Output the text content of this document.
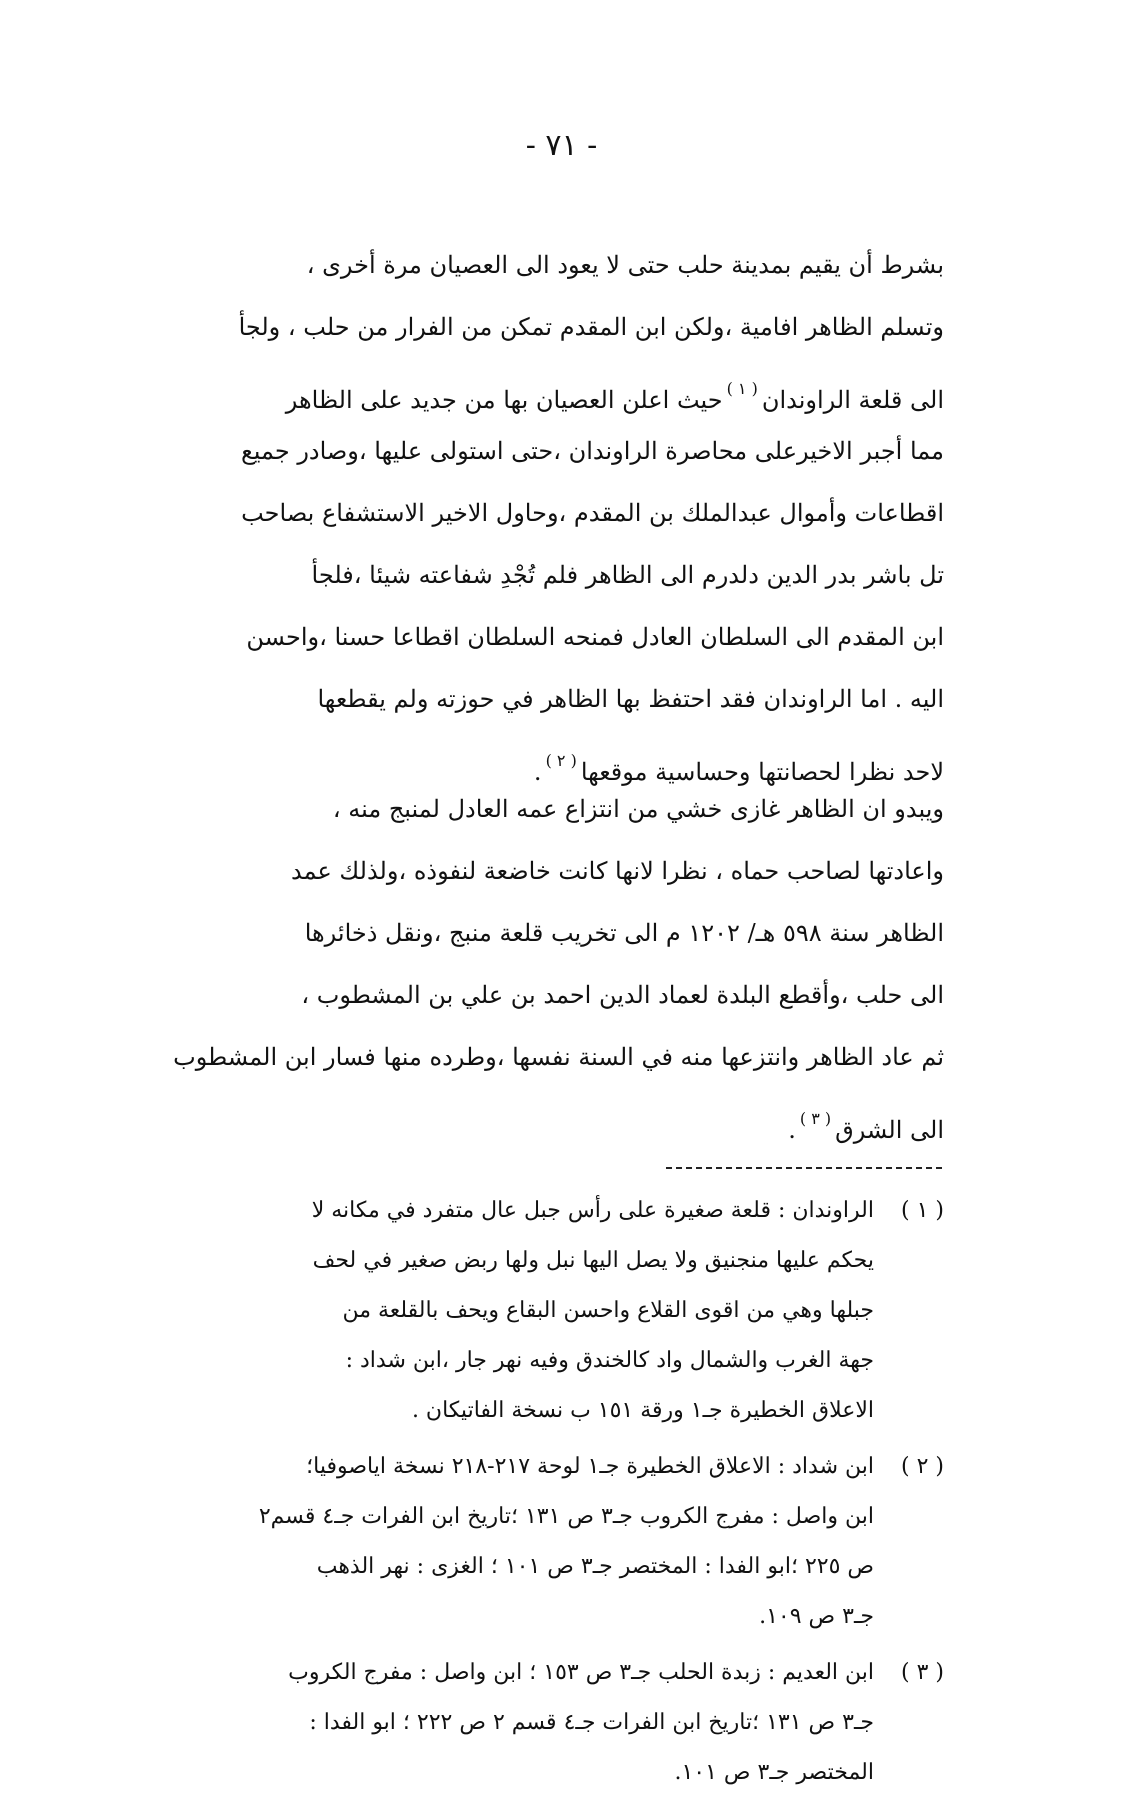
- ٧١ -
بشرط أن يقيم بمدينة حلب حتى لا يعود الى العصيان مرة أخرى ،
وتسلم الظاهر افامية ،ولكن ابن المقدم تمكن من الفرار من حلب ، ولجأ
الى قلعة الراوندان$^{( ١ )}$حيث اعلن العصيان بها من جديد على الظاهر
مما أجبر الاخيرعلى محاصرة الراوندان ،حتى استولى عليها ،وصادر جميع
اقطاعات وأموال عبدالملك بن المقدم ،وحاول الاخير الاستشفاع بصاحب
تل باشر بدر الدين دلدرم الى الظاهر فلم تُجْدِ شفاعته شيئا ،فلجأ
ابن المقدم الى السلطان العادل فمنحه السلطان اقطاعا حسنا ،واحسن
اليه . اما الراوندان فقد احتفظ بها الظاهر في حوزته ولم يقطعها
لاحد نظرا لحصانتها وحساسية موقعها$^{( ٢ )}$.
ويبدو ان الظاهر غازى خشي من انتزاع عمه العادل لمنبج منه ،
واعادتها لصاحب حماه ، نظرا لانها كانت خاضعة لنفوذه ،ولذلك عمد
الظاهر سنة ٥٩٨ هـ/ ١٢٠٢ م الى تخريب قلعة منبج ،ونقل ذخائرها
الى حلب ،وأقطع البلدة لعماد الدين احمد بن علي بن المشطوب ،
ثم عاد الظاهر وانتزعها منه في السنة نفسها ،وطرده منها فسار ابن المشطوب
الى الشرق$^{( ٣ )}$.
( ١ )
الراوندان : قلعة صغيرة على رأس جبل عال متفرد في مكانه لا
يحكم عليها منجنيق ولا يصل اليها نبل ولها ربض صغير في لحف
جبلها وهي من اقوى القلاع واحسن البقاع ويحف بالقلعة من
جهة الغرب والشمال واد كالخندق وفيه نهر جار ،ابن شداد :
الاعلاق الخطيرة جـ١ ورقة ١٥١ ب نسخة الفاتيكان .
( ٢ )
ابن شداد : الاعلاق الخطيرة جـ١ لوحة ٢١٧-٢١٨ نسخة اياصوفيا؛
ابن واصل : مفرج الكروب جـ٣ ص ١٣١ ؛تاريخ ابن الفرات جـ٤ قسم٢
ص ٢٢٥ ؛ابو الفدا : المختصر جـ٣ ص ١٠١ ؛ الغزى : نهر الذهب
جـ٣ ص ١٠٩.
( ٣ )
ابن العديم : زبدة الحلب جـ٣ ص ١٥٣ ؛ ابن واصل : مفرج الكروب
جـ٣ ص ١٣١ ؛تاريخ ابن الفرات جـ٤ قسم ٢ ص ٢٢٢ ؛ ابو الفدا :
المختصر جـ٣ ص ١٠١.
